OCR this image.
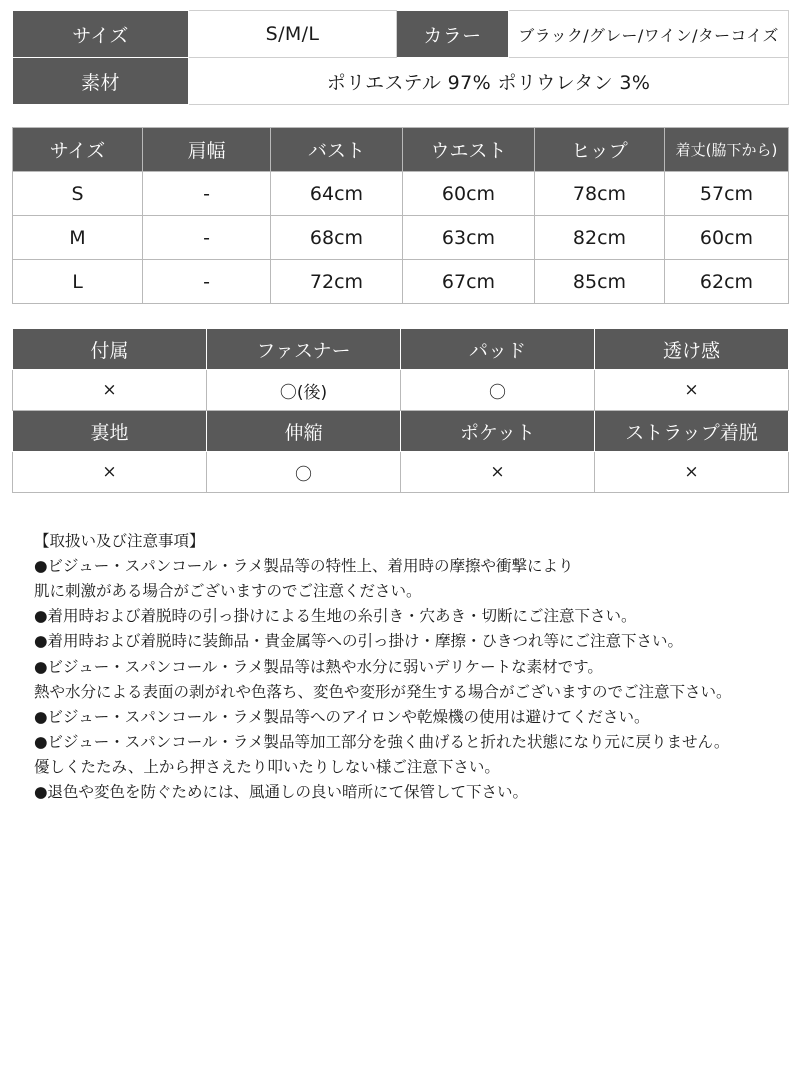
サイズ	S/M/L	カラー	ブラック/グレー/ワイン/ターコイズ
素材	ポリエステル 97% ポリウレタン 3%		
サイズ	肩幅	バスト	ウエスト	ヒップ	着丈(脇下から)
S	-	64cm	60cm	78cm	57cm
M	-	68cm	63cm	82cm	60cm
L	-	72cm	67cm	85cm	62cm
付属	ファスナー	パッド	透け感
×	〇(後)	〇	×
裏地	伸縮	ポケット	ストラップ着脱
×	〇	×	×
【取扱い及び注意事項】
●ビジュー・スパンコール・ラメ製品等の特性上、着用時の摩擦や衝撃により
肌に刺激がある場合がございますのでご注意ください。
●着用時および着脱時の引っ掛けによる生地の糸引き・穴あき・切断にご注意下さい。
●着用時および着脱時に装飾品・貴金属等への引っ掛け・摩擦・ひきつれ等にご注意下さい。
●ビジュー・スパンコール・ラメ製品等は熱や水分に弱いデリケートな素材です。
熱や水分による表面の剥がれや色落ち、変色や変形が発生する場合がございますのでご注意下さい。
●ビジュー・スパンコール・ラメ製品等へのアイロンや乾燥機の使用は避けてください。
●ビジュー・スパンコール・ラメ製品等加工部分を強く曲げると折れた状態になり元に戻りません。
優しくたたみ、上から押さえたり叩いたりしない様ご注意下さい。
●退色や変色を防ぐためには、風通しの良い暗所にて保管して下さい。
